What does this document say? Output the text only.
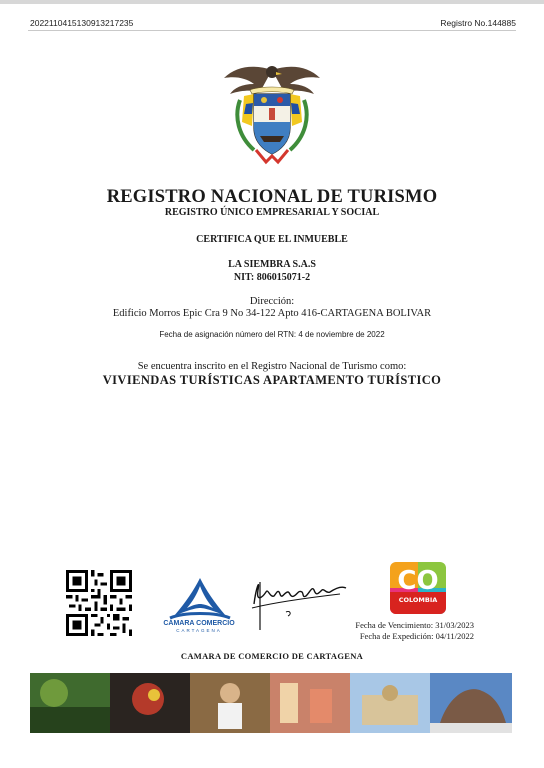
20221104151309132172​35	Registro No.144885
REGISTRO NACIONAL DE TURISMO
REGISTRO ÚNICO EMPRESARIAL Y SOCIAL
CERTIFICA QUE EL INMUEBLE
LA SIEMBRA S.A.S
NIT: 806015071-2
Dirección:
Edificio Morros Epic Cra 9 No 34-122 Apto 416-CARTAGENA BOLIVAR
Fecha de asignación número del RTN: 4 de noviembre de 2022
Se encuentra inscrito en el Registro Nacional de Turismo como:
VIVIENDAS TURÍSTICAS APARTAMENTO TURÍSTICO
CÁMARA COMERCIO
CARTAGENA
CO
COLOMBIA
Fecha de Vencimiento: 31/03/2023
Fecha de Expedición: 04/11/2022
CAMARA DE COMERCIO DE CARTAGENA
